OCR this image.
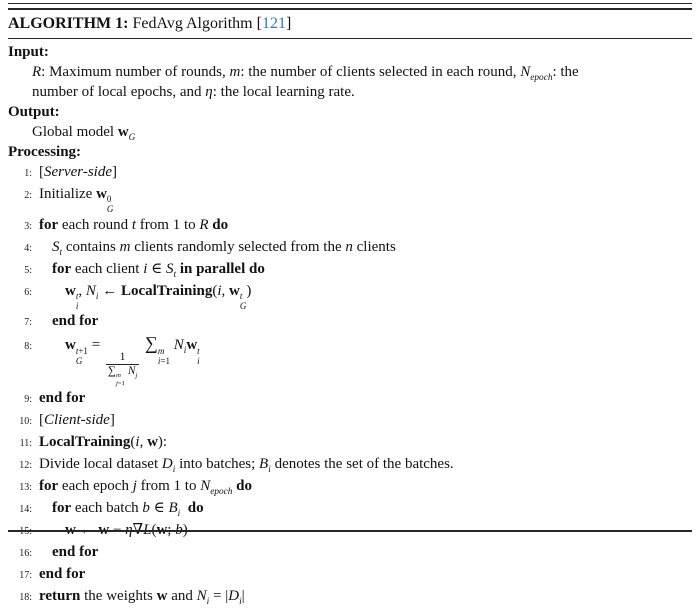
ALGORITHM 1: FedAvg Algorithm [121]
Input:
R: Maximum number of rounds, m: the number of clients selected in each round, $N_{epoch}$: the
number of local epochs, and η: the local learning rate.
Output:
Global model $w_G$
Processing:
1: [Server-side]
2: Initialize w 0
G
3: for each round t from 1 to R do
4: $S_t$ contains m clients randomly selected from the n clients
5: for each client i ∈ $S_t$ in parallel do
6: w t
i
, $N_i$ ← LocalTraining(i, w t
G
)
7: end for
8: w t+1
G
=
1
∑ m
j=1
$N_j$
∑ m
i=1
$N_iw$ t
i
9: end for
10: [Client-side]
11: LocalTraining(i, w):
12: Divide local dataset $D_i$ into batches; $B_i$ denotes the set of the batches.
13: for each epoch j from 1 to $N_{epoch}$ do
14: for each batch b ∈ $B_i$ do
15: w ← w − η∇L(w; b)
16: end for
17: end for
18: return the weights w and $N_i = |D_i|$
